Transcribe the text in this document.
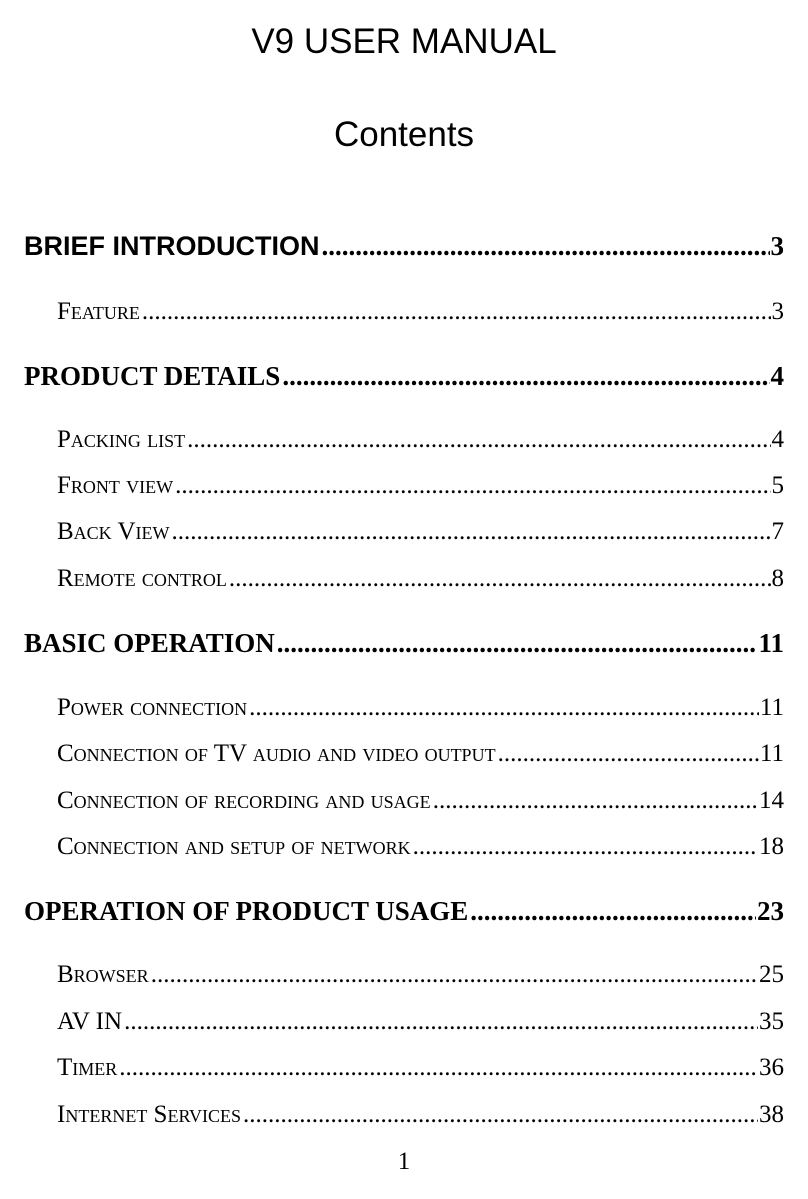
V9 USER MANUAL
Contents
BRIEF INTRODUCTION .....	3
Feature .....	3
PRODUCT DETAILS .....	4
Packing list .....	4
Front view .....	5
Back View .....	7
Remote control .....	8
BASIC OPERATION .....	11
Power connection .....	11
Connection of TV audio and video output .....	11
Connection of recording and usage .....	14
Connection and setup of network .....	18
OPERATION OF PRODUCT USAGE .....	23
Browser .....	25
AV IN .....	35
Timer .....	36
Internet Services .....	38
1
